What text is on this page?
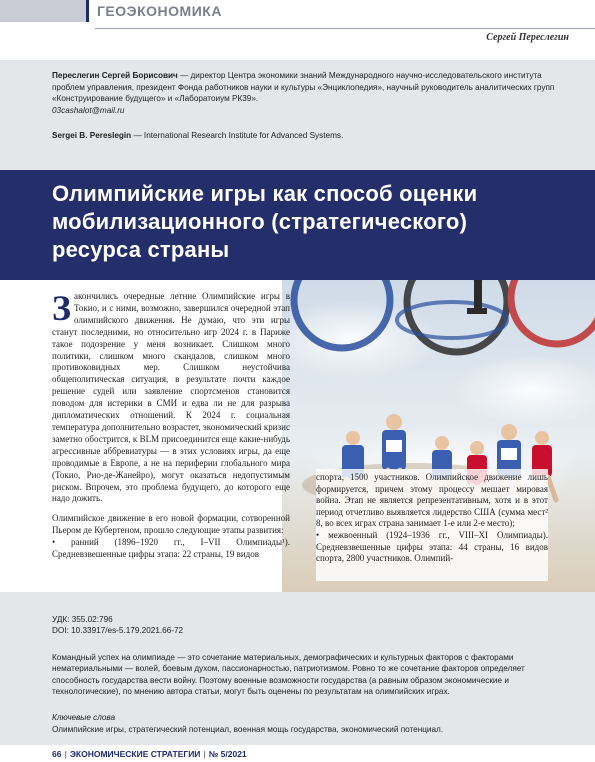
ГЕОЭКОНОМИКА
Сергей Переслегин
Переслегин Сергей Борисович — директор Центра экономики знаний Международного научно-исследовательского института проблем управления, президент Фонда работников науки и культуры «Энциклопедия», научный руководитель аналитических групп «Конструирование будущего» и «Лаборатоиум РК39».
03cashalot@mail.ru
Sergei B. Pereslegin — International Research Institute for Advanced Systems.
Олимпийские игры как способ оценки мобилизационного (стратегического) ресурса страны

Закончились очередные летние Олимпийские игры в Токио, и с ними, возможно, завершился очередной этап олимпийского движения. Не думаю, что эти игры станут последними, но относительно игр 2024 г. в Париже такое подозрение у меня возникает. Слишком много политики, слишком много скандалов, слишком много противоковидных мер. Слишком неустойчива общеполитическая ситуация, в результате почти каждое решение судей или заявление спортсменов становится поводом для истерики в СМИ и едва ли не для разрыва дипломатических отношений. К 2024 г. социальная температура дополнительно возрастет, экономический кризис заметно обострится, к BLM присоединится еще какие-нибудь агрессивные аббревиатуры — в этих условиях игры, да еще проводимые в Европе, а не на периферии глобального мира (Токио, Рио-де-Жанейро), могут оказаться недопустимым риском. Впрочем, это проблема будущего, до которого еще надо дожить.

Олимпийское движение в его новой формации, сотворенной Пьером де Кубертеном, прошло следующие этапы развития:

• ранний (1896–1920 гг., I–VII Олимпиады¹). Средневзвешенные цифры этапа: 22 страны, 19 видов

спорта, 1500 участников. Олимпийское движение лишь формируется, причем этому процессу мешает мировая война. Этап не является репрезентативным, хотя и в этот период отчетливо выявляется лидерство США (сумма мест² 8, во всех играх страна занимает 1-е или 2-е место);

• межвоенный (1924–1936 гг., VIII–XI Олимпиады). Средневзвешенные цифры этапа: 44 страны, 16 видов спорта, 2800 участников. Олимпий-

УДК: 355.02:796
DOI: 10.33917/es-5.179.2021.66-72
Командный успех на олимпиаде — это сочетание материальных, демографических и культурных факторов с факторами нематериальными — волей, боевым духом, пассионарностью, патриотизмом. Ровно то же сочетание факторов определяет способность государства вести войну. Поэтому военные возможности государства (а равным образом экономические и технологические), по мнению автора статьи, могут быть оценены по результатам на олимпийских играх.
Ключевые слова
Олимпийские игры, стратегический потенциал, военная мощь государства, экономический потенциал.
66 | ЭКОНОМИЧЕСКИЕ СТРАТЕГИИ | № 5/2021
